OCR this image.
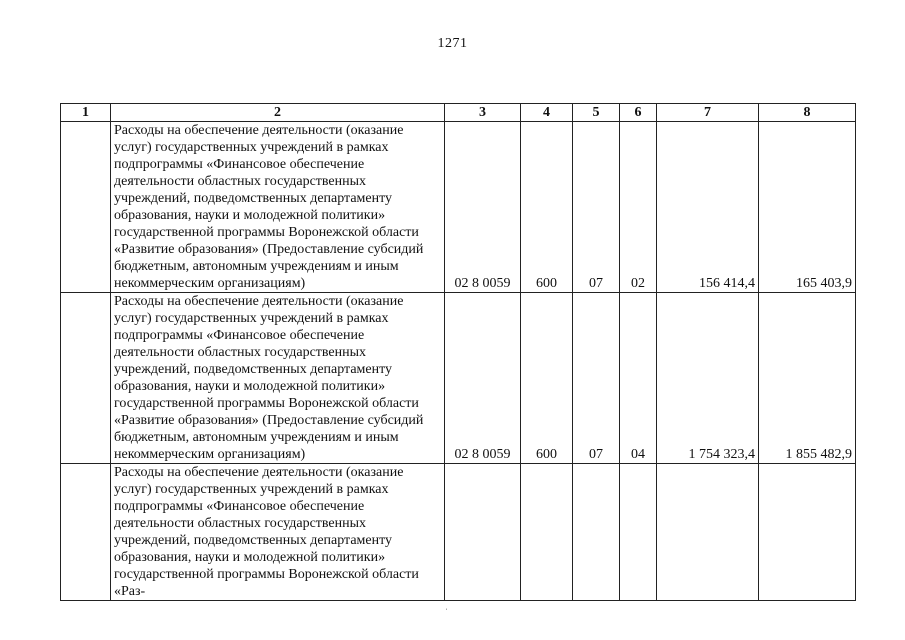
1271
1	2	3	4	5	6	7	8
	Расходы на обеспечение деятельности (оказание услуг) государственных учреждений в рамках подпрограммы «Финансовое обеспечение деятельности областных государственных учреждений, подведомственных департаменту образования, науки и молодежной политики» государственной программы Воронежской области «Развитие образования» (Предоставление субсидий бюджетным, автономным учреждениям и иным некоммерческим организациям)	02 8 0059	600	07	02	156 414,4	165 403,9
	Расходы на обеспечение деятельности (оказание услуг) государственных учреждений в рамках подпрограммы «Финансовое обеспечение деятельности областных государственных учреждений, подведомственных департаменту образования, науки и молодежной политики» государственной программы Воронежской области «Развитие образования» (Предоставление субсидий бюджетным, автономным учреждениям и иным некоммерческим организациям)	02 8 0059	600	07	04	1 754 323,4	1 855 482,9
	Расходы на обеспечение деятельности (оказание услуг) государственных учреждений в рамках подпрограммы «Финансовое обеспечение деятельности областных государственных учреждений, подведомственных департаменту образования, науки и молодежной политики» государственной программы Воронежской области «Раз-						
ˌ
